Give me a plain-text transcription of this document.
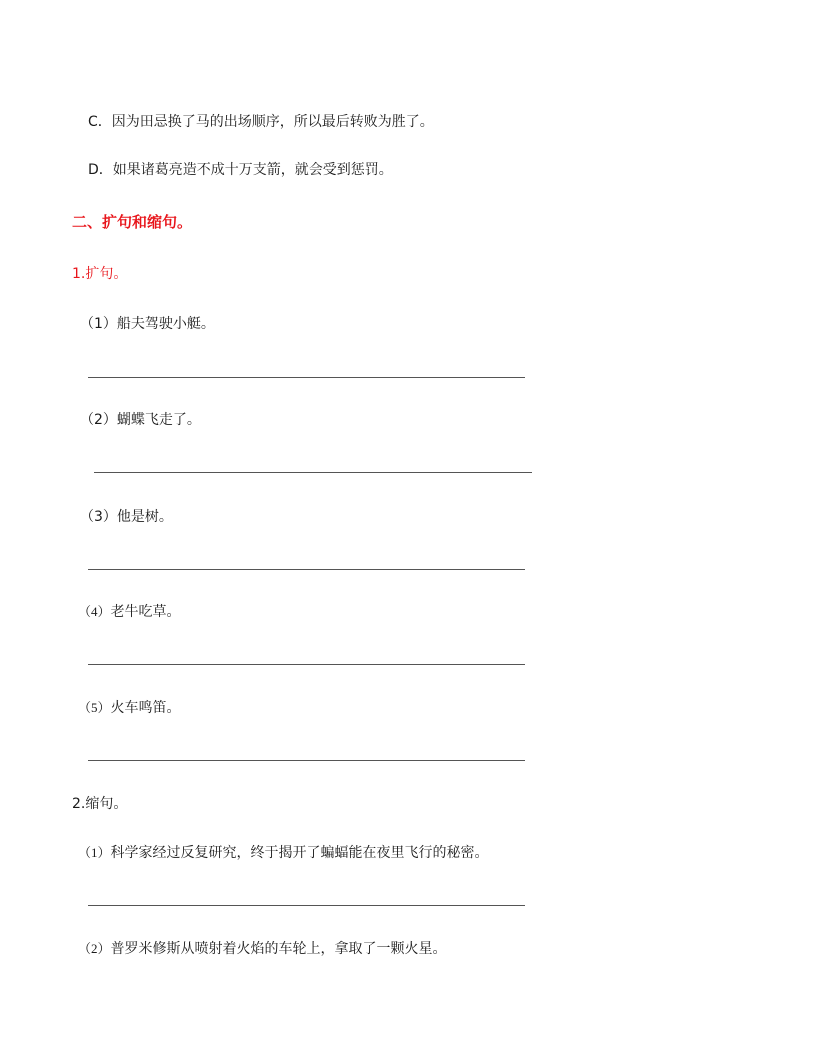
C．因为田忌换了马的出场顺序，所以最后转败为胜了。
D．如果诸葛亮造不成十万支箭，就会受到惩罚。
二、扩句和缩句。
1.扩句。
（1）船夫驾驶小艇。
（2）蝴蝶飞走了。
（3）他是树。
（4）老牛吃草。
（5）火车鸣笛。
2.缩句。
（1）科学家经过反复研究，终于揭开了蝙蝠能在夜里飞行的秘密。
（2）普罗米修斯从喷射着火焰的车轮上，拿取了一颗火星。
